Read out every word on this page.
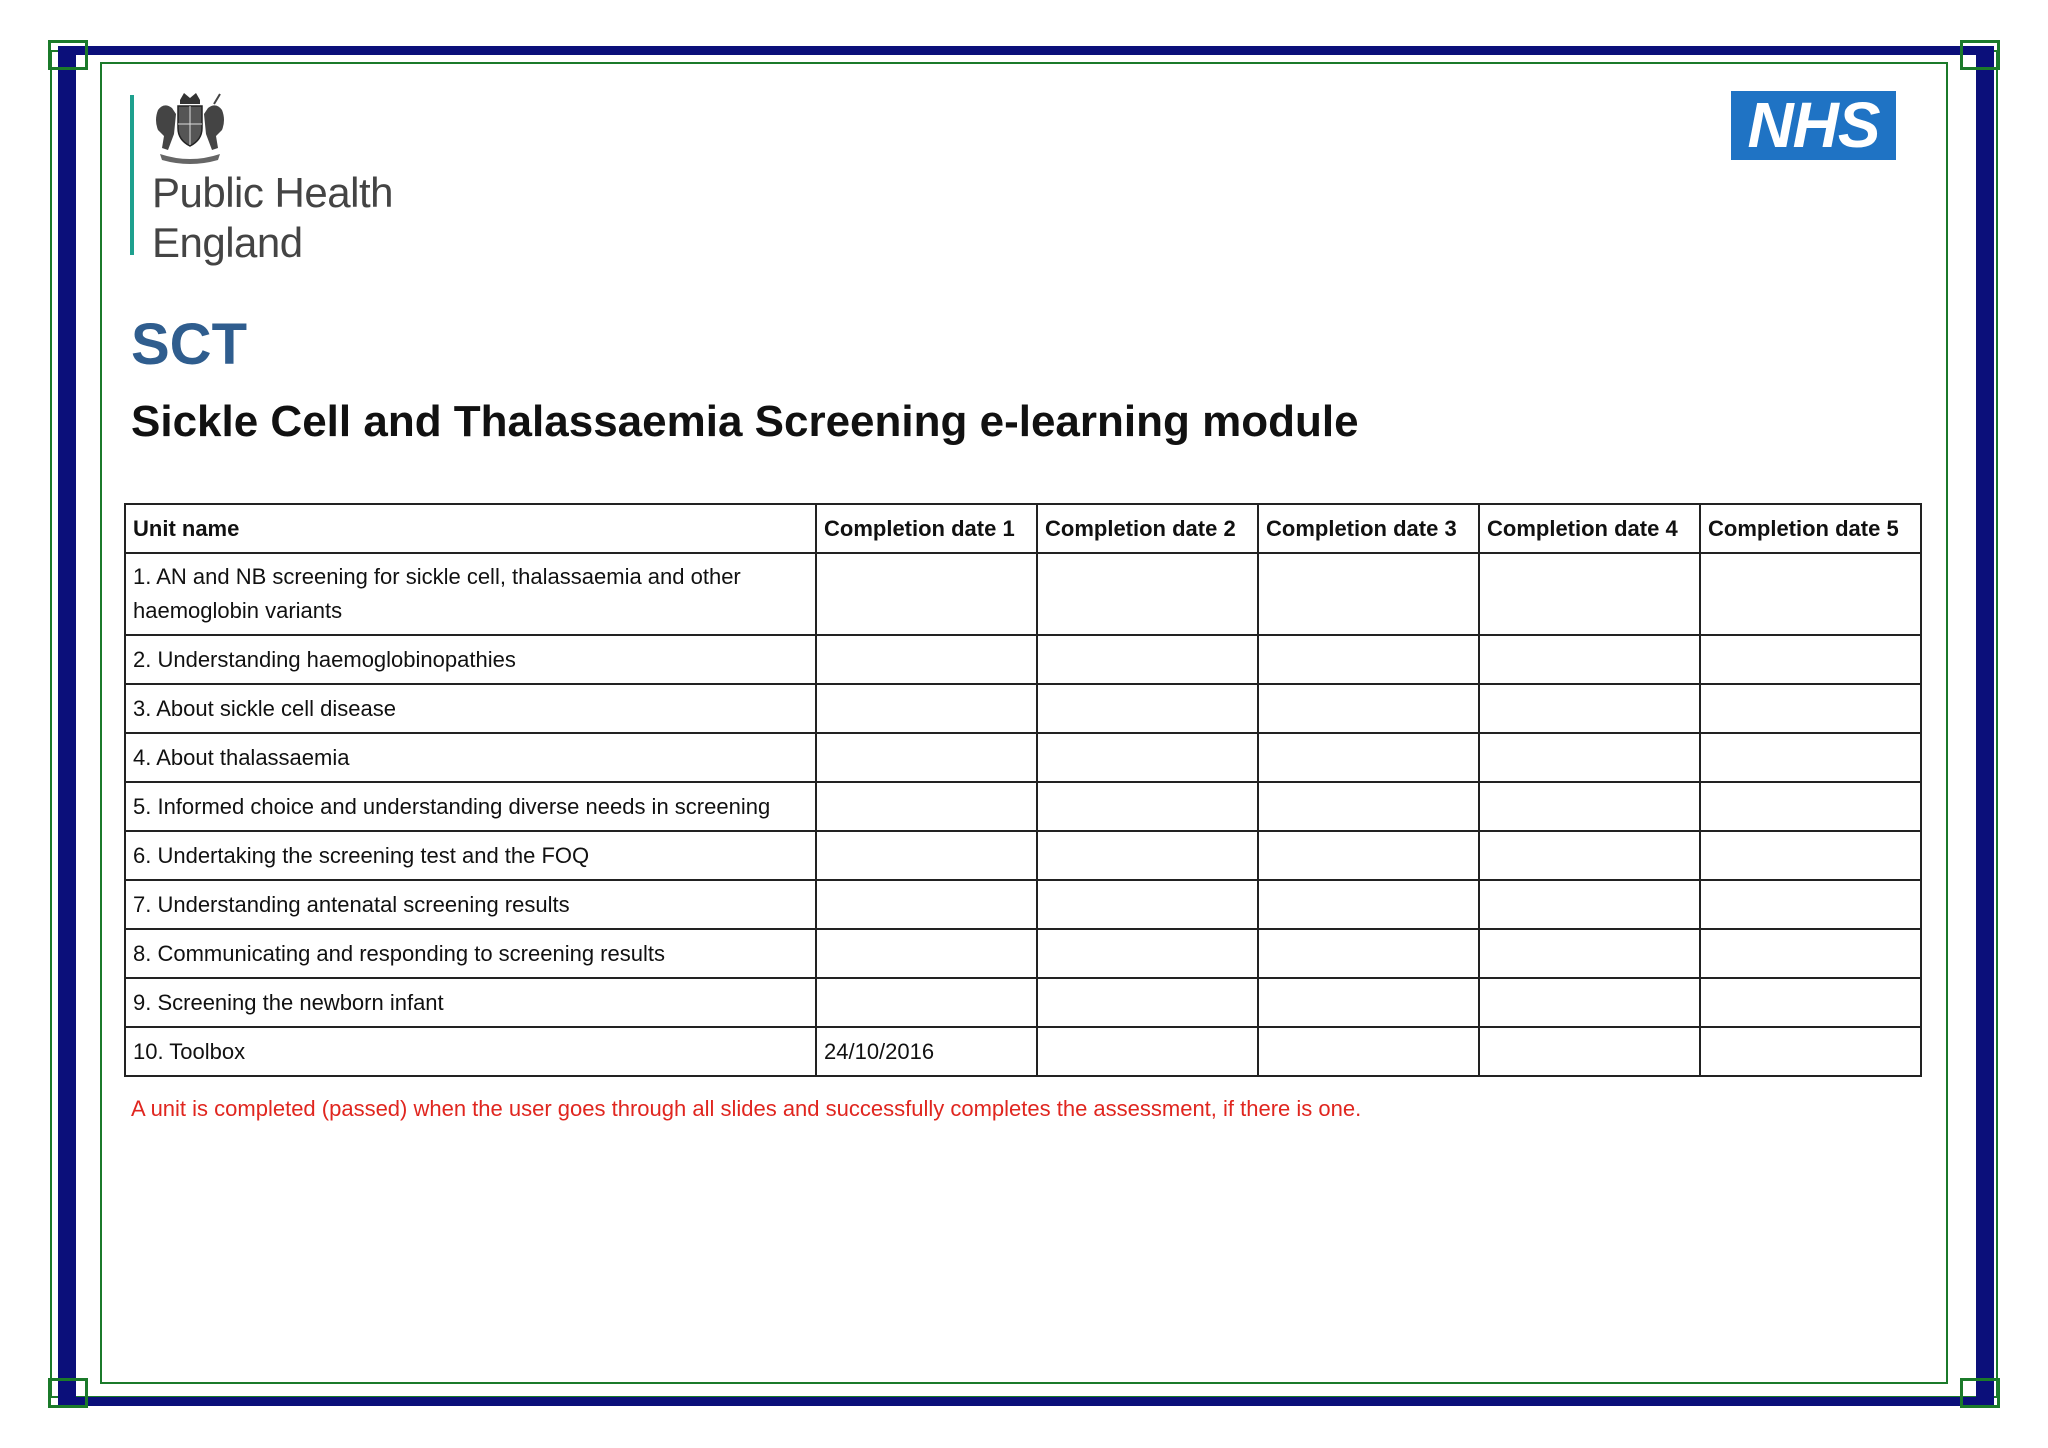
Public Health
England
NHS
SCT
Sickle Cell and Thalassaemia Screening e-learning module
Unit name	Completion date 1	Completion date 2	Completion date 3	Completion date 4	Completion date 5
1. AN and NB screening for sickle cell, thalassaemia and other haemoglobin variants					
2. Understanding haemoglobinopathies					
3. About sickle cell disease					
4. About thalassaemia					
5. Informed choice and understanding diverse needs in screening					
6. Undertaking the screening test and the FOQ					
7. Understanding antenatal screening results					
8. Communicating and responding to screening results					
9. Screening the newborn infant					
10. Toolbox	24/10/2016				
A unit is completed (passed) when the user goes through all slides and successfully completes the assessment, if there is one.
